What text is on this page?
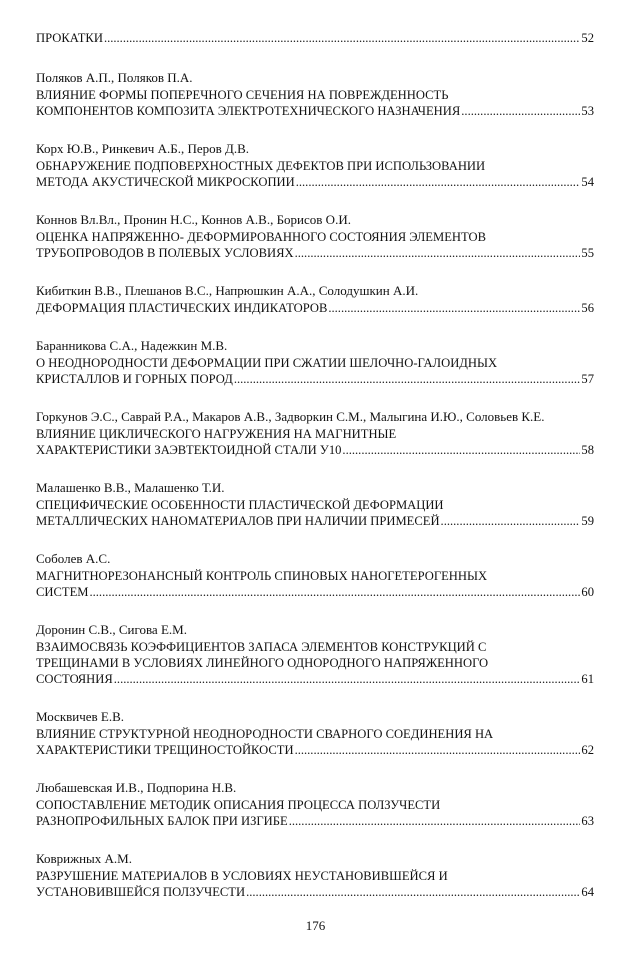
ПРОКАТКИ .....	52
Поляков А.П., Поляков П.А.
ВЛИЯНИЕ ФОРМЫ ПОПЕРЕЧНОГО СЕЧЕНИЯ НА ПОВРЕЖДЕННОСТЬ
КОМПОНЕНТОВ КОМПОЗИТА ЭЛЕКТРОТЕХНИЧЕСКОГО НАЗНАЧЕНИЯ .....	53
Корх Ю.В., Ринкевич А.Б., Перов Д.В.
ОБНАРУЖЕНИЕ ПОДПОВЕРХНОСТНЫХ ДЕФЕКТОВ ПРИ ИСПОЛЬЗОВАНИИ
МЕТОДА АКУСТИЧЕСКОЙ МИКРОСКОПИИ .....	54
Коннов Вл.Вл., Пронин Н.С., Коннов А.В., Борисов О.И.
ОЦЕНКА НАПРЯЖЕННО- ДЕФОРМИРОВАННОГО СОСТОЯНИЯ ЭЛЕМЕНТОВ
ТРУБОПРОВОДОВ В ПОЛЕВЫХ УСЛОВИЯХ .....	55
Кибиткин В.В., Плешанов В.С., Напрюшкин А.А., Солодушкин А.И.
ДЕФОРМАЦИЯ ПЛАСТИЧЕСКИХ ИНДИКАТОРОВ .....	56
Баранникова С.А., Надежкин М.В.
О НЕОДНОРОДНОСТИ ДЕФОРМАЦИИ ПРИ СЖАТИИ ШЕЛОЧНО-ГАЛОИДНЫХ
КРИСТАЛЛОВ И ГОРНЫХ ПОРОД .....	57
Горкунов Э.С., Саврай Р.А., Макаров А.В., Задворкин С.М., Малыгина И.Ю., Соловьев К.Е.
ВЛИЯНИЕ ЦИКЛИЧЕСКОГО НАГРУЖЕНИЯ НА МАГНИТНЫЕ
ХАРАКТЕРИСТИКИ ЗАЭВТЕКТОИДНОЙ СТАЛИ У10 .....	58
Малашенко В.В., Малашенко Т.И.
СПЕЦИФИЧЕСКИЕ ОСОБЕННОСТИ ПЛАСТИЧЕСКОЙ ДЕФОРМАЦИИ
МЕТАЛЛИЧЕСКИХ НАНОМАТЕРИАЛОВ ПРИ НАЛИЧИИ ПРИМЕСЕЙ .....	59
Соболев А.С.
МАГНИТНОРЕЗОНАНСНЫЙ КОНТРОЛЬ СПИНОВЫХ НАНОГЕТЕРОГЕННЫХ
СИСТЕМ .....	60
Доронин С.В., Сигова Е.М.
ВЗАИМОСВЯЗЬ КОЭФФИЦИЕНТОВ ЗАПАСА ЭЛЕМЕНТОВ КОНСТРУКЦИЙ С
ТРЕЩИНАМИ В УСЛОВИЯХ ЛИНЕЙНОГО ОДНОРОДНОГО НАПРЯЖЕННОГО
СОСТОЯНИЯ .....	61
Москвичев Е.В.
ВЛИЯНИЕ СТРУКТУРНОЙ НЕОДНОРОДНОСТИ СВАРНОГО СОЕДИНЕНИЯ НА
ХАРАКТЕРИСТИКИ ТРЕЩИНОСТОЙКОСТИ .....	62
Любашевская И.В., Подпорина Н.В.
СОПОСТАВЛЕНИЕ МЕТОДИК ОПИСАНИЯ ПРОЦЕССА ПОЛЗУЧЕСТИ
РАЗНОПРОФИЛЬНЫХ БАЛОК ПРИ ИЗГИБЕ .....	63
Коврижных А.М.
РАЗРУШЕНИЕ МАТЕРИАЛОВ В УСЛОВИЯХ НЕУСТАНОВИВШЕЙСЯ И
УСТАНОВИВШЕЙСЯ ПОЛЗУЧЕСТИ .....	64
176
